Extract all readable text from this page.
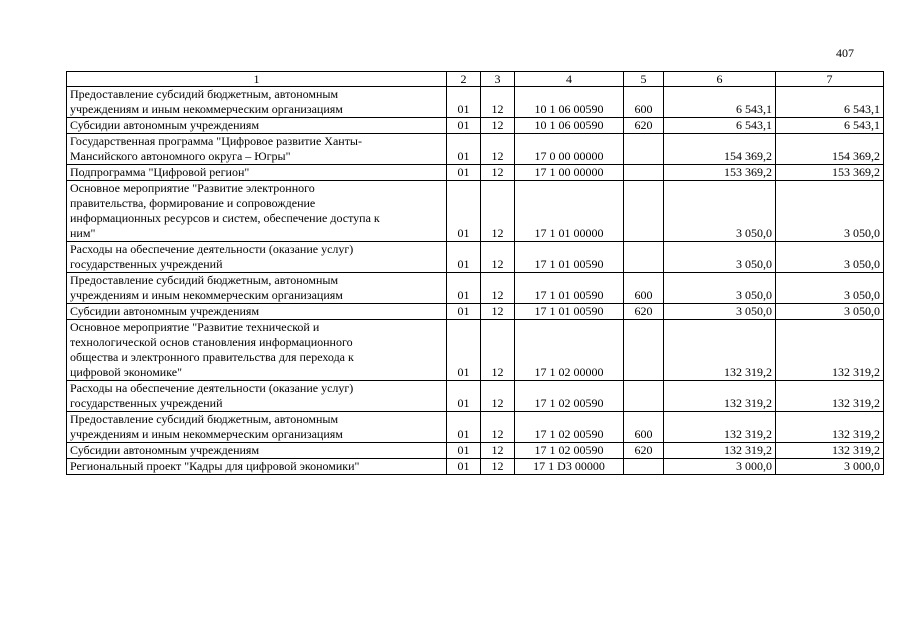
407
1	2	3	4	5	6	7
Предоставление субсидий бюджетным, автономным
учреждениям и иным некоммерческим организациям	01	12	10 1 06 00590	600	6 543,1	6 543,1
Субсидии автономным учреждениям	01	12	10 1 06 00590	620	6 543,1	6 543,1
Государственная программа "Цифровое развитие Ханты-
Мансийского автономного округа – Югры"	01	12	17 0 00 00000		154 369,2	154 369,2
Подпрограмма "Цифровой регион"	01	12	17 1 00 00000		153 369,2	153 369,2
Основное мероприятие "Развитие электронного
правительства, формирование и сопровождение
информационных ресурсов и систем, обеспечение доступа к
ним"	01	12	17 1 01 00000		3 050,0	3 050,0
Расходы на обеспечение деятельности (оказание услуг)
государственных учреждений	01	12	17 1 01 00590		3 050,0	3 050,0
Предоставление субсидий бюджетным, автономным
учреждениям и иным некоммерческим организациям	01	12	17 1 01 00590	600	3 050,0	3 050,0
Субсидии автономным учреждениям	01	12	17 1 01 00590	620	3 050,0	3 050,0
Основное мероприятие "Развитие технической и
технологической основ становления информационного
общества и электронного правительства для перехода к
цифровой экономике"	01	12	17 1 02 00000		132 319,2	132 319,2
Расходы на обеспечение деятельности (оказание услуг)
государственных учреждений	01	12	17 1 02 00590		132 319,2	132 319,2
Предоставление субсидий бюджетным, автономным
учреждениям и иным некоммерческим организациям	01	12	17 1 02 00590	600	132 319,2	132 319,2
Субсидии автономным учреждениям	01	12	17 1 02 00590	620	132 319,2	132 319,2
Региональный проект "Кадры для цифровой экономики"	01	12	17 1 D3 00000		3 000,0	3 000,0
